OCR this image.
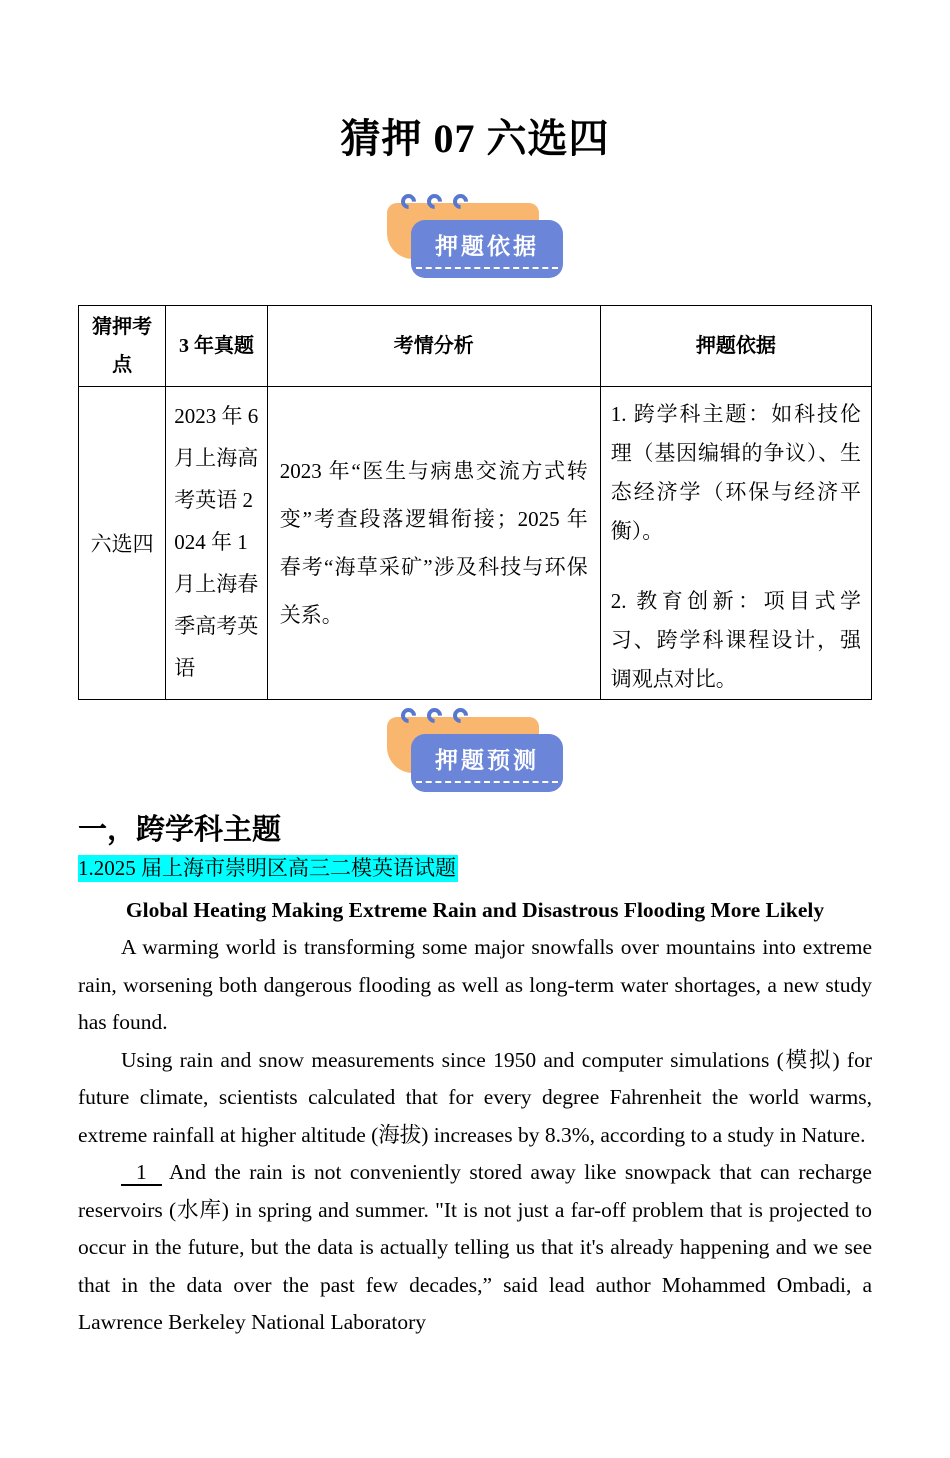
猜押 07 六选四
押题依据
猜押考点	3 年真题	考情分析	押题依据
六选四	2023 年 6 月上海高考英语 2024 年 1 月上海春季高考英语	2023 年“医生与病患交流方式转变”考查段落逻辑衔接；2025 年春考“海草采矿”涉及科技与环保关系。	1. 跨学科主题：如科技伦理（基因编辑的争议）、生态经济学（环保与经济平衡）。
2. 教育创新：项目式学习、跨学科课程设计，强调观点对比。
押题预测
一，跨学科主题
1.2025 届上海市崇明区高三二模英语试题
Global Heating Making Extreme Rain and Disastrous Flooding More Likely

A warming world is transforming some major snowfalls over mountains into extreme rain, worsening both dangerous flooding as well as long-term water shortages, a new study has found.

Using rain and snow measurements since 1950 and computer simulations (模拟) for future climate, scientists calculated that for every degree Fahrenheit the world warms, extreme rainfall at higher altitude (海拔) increases by 8.3%, according to a study in Nature.

1 And the rain is not conveniently stored away like snowpack that can recharge reservoirs (水库) in spring and summer. "It is not just a far-off problem that is projected to occur in the future, but the data is actually telling us that it's already happening and we see that in the data over the past few decades,” said lead author Mohammed Ombadi, a Lawrence Berkeley National Laboratory
